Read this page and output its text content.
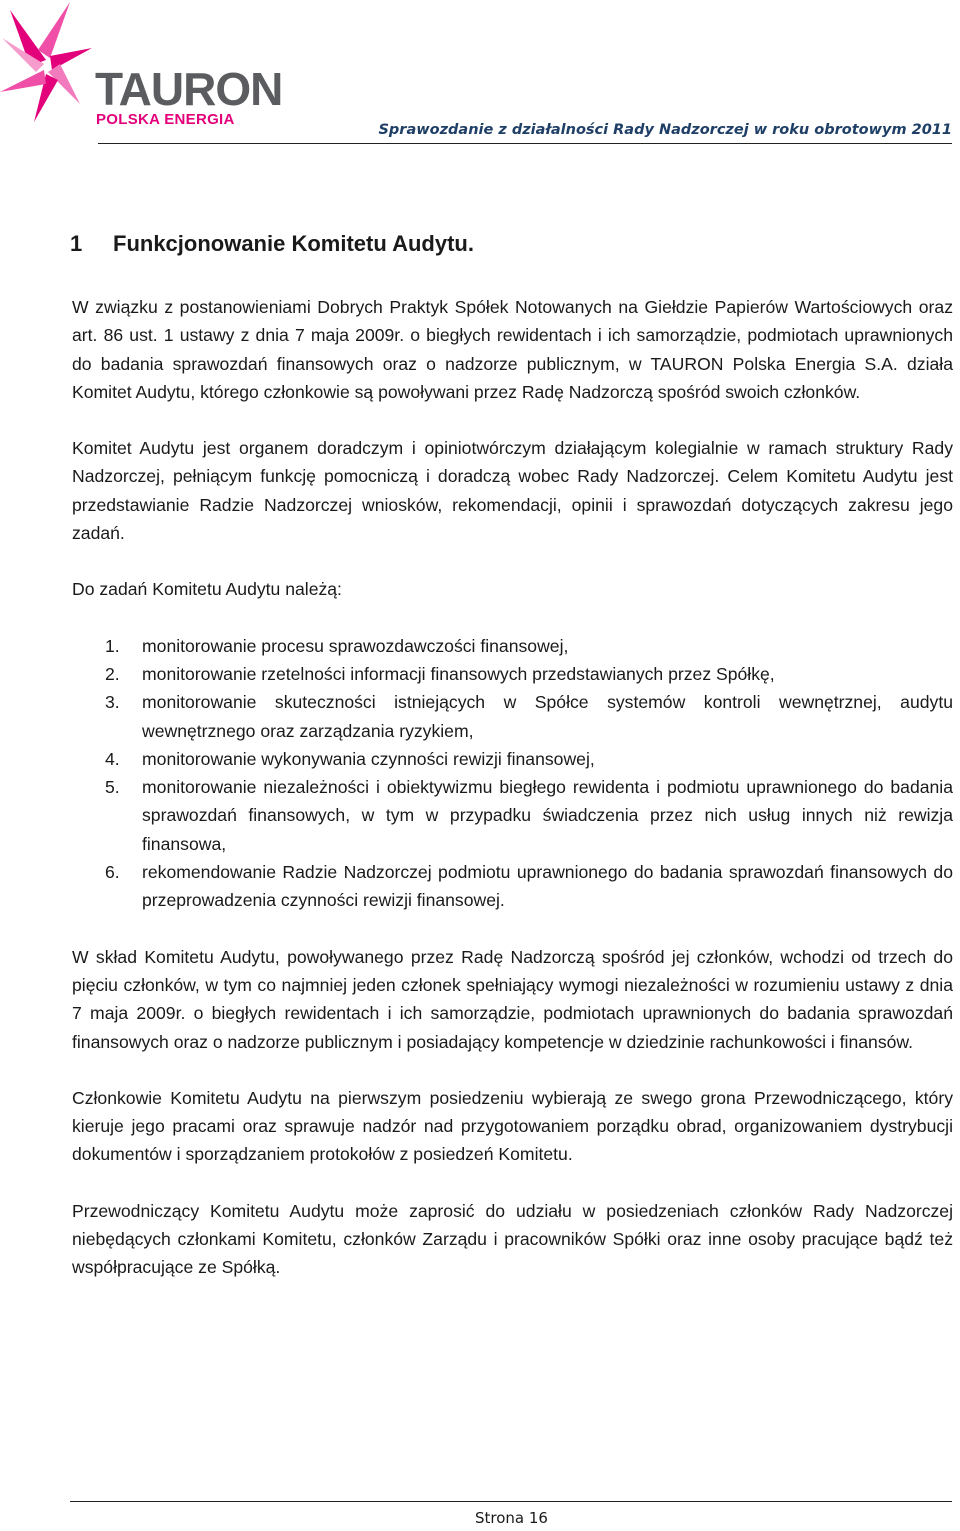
TAURON
POLSKA ENERGIA
Sprawozdanie z działalności Rady Nadzorczej w roku obrotowym 2011
1 Funkcjonowanie Komitetu Audytu.

W związku z postanowieniami Dobrych Praktyk Spółek Notowanych na Giełdzie Papierów Wartościowych oraz art. 86 ust. 1 ustawy z dnia 7 maja 2009r. o biegłych rewidentach i ich samorządzie, podmiotach uprawnionych do badania sprawozdań finansowych oraz o nadzorze publicznym, w TAURON Polska Energia S.A. działa Komitet Audytu, którego członkowie są powoływani przez Radę Nadzorczą spośród swoich członków.

Komitet Audytu jest organem doradczym i opiniotwórczym działającym kolegialnie w ramach struktury Rady Nadzorczej, pełniącym funkcję pomocniczą i doradczą wobec Rady Nadzorczej. Celem Komitetu Audytu jest przedstawianie Radzie Nadzorczej wniosków, rekomendacji, opinii i sprawozdań dotyczących zakresu jego zadań.

Do zadań Komitetu Audytu należą:

1. monitorowanie procesu sprawozdawczości finansowej,
2. monitorowanie rzetelności informacji finansowych przedstawianych przez Spółkę,
3. monitorowanie skuteczności istniejących w Spółce systemów kontroli wewnętrznej, audytu wewnętrznego oraz zarządzania ryzykiem,
4. monitorowanie wykonywania czynności rewizji finansowej,
5. monitorowanie niezależności i obiektywizmu biegłego rewidenta i podmiotu uprawnionego do badania sprawozdań finansowych, w tym w przypadku świadczenia przez nich usług innych niż rewizja finansowa,
6. rekomendowanie Radzie Nadzorczej podmiotu uprawnionego do badania sprawozdań finansowych do przeprowadzenia czynności rewizji finansowej.

W skład Komitetu Audytu, powoływanego przez Radę Nadzorczą spośród jej członków, wchodzi od trzech do pięciu członków, w tym co najmniej jeden członek spełniający wymogi niezależności w rozumieniu ustawy z dnia 7 maja 2009r. o biegłych rewidentach i ich samorządzie, podmiotach uprawnionych do badania sprawozdań finansowych oraz o nadzorze publicznym i posiadający kompetencje w dziedzinie rachunkowości i finansów.

Członkowie Komitetu Audytu na pierwszym posiedzeniu wybierają ze swego grona Przewodniczącego, który kieruje jego pracami oraz sprawuje nadzór nad przygotowaniem porządku obrad, organizowaniem dystrybucji dokumentów i sporządzaniem protokołów z posiedzeń Komitetu.

Przewodniczący Komitetu Audytu może zaprosić do udziału w posiedzeniach członków Rady Nadzorczej niebędących członkami Komitetu, członków Zarządu i pracowników Spółki oraz inne osoby pracujące bądź też współpracujące ze Spółką.

Strona 16
